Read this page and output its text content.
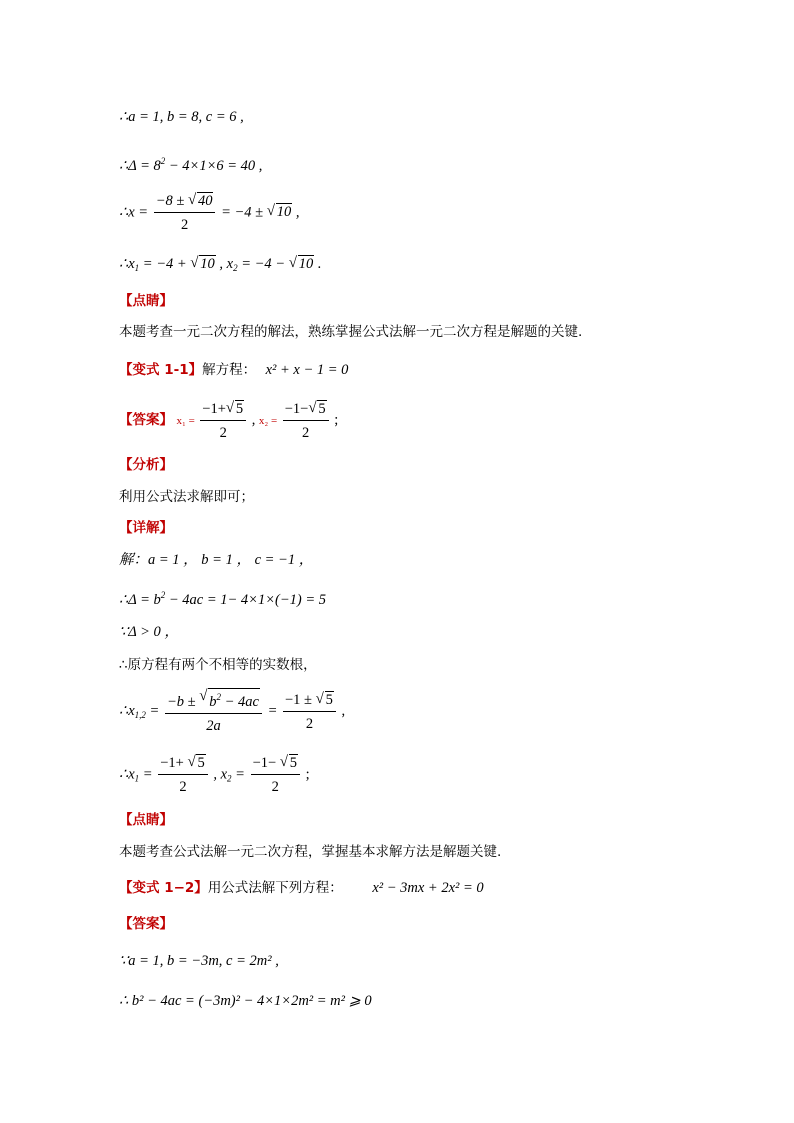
∴a = 1, b = 8, c = 6 ,
∴Δ = $8^2 - 4\times 1\times 6 = 40$ ,
∴x = $\frac{-8 \pm √ 40}{2} = -4$ ± √ 10 ,
$\therefore x_1 = -4$ + √ 10 , $x_2 = -4$ − √ 10 .
【点睛】
本题考查一元二次方程的解法，熟练掌握公式法解一元二次方程是解题的关键.
【变式 1-1】解方程： x² + x − 1 = 0
【答案】 $x_1 = \frac{-1+ √ 5}{2}$ , $x_2 = \frac{-1- √ 5}{2}$ ;
【分析】
利用公式法求解即可；
【详解】
解：a = 1 ， b = 1 ， c = −1 ，
∴Δ = $b^2 - 4ac = 1- 4\times 1\times(-1) = 5$
∵Δ > 0 ，
∴原方程有两个不相等的实数根，
$\therefore x_{1,2} = \frac{-b \pm √ b^2 - 4ac}{2a} = \frac{-1 \pm √ 5}{2}$ ,
$\therefore x_1 = \frac{-1+ √ 5}{2}$ , $x_2 = \frac{-1- √ 5}{2}$ ;
【点睛】
本题考查公式法解一元二次方程，掌握基本求解方法是解题关键.
【变式 1−2】用公式法解下列方程： x² − 3mx + 2x² = 0
【答案】
∵a = 1, b = −3m, c = 2m² ,
∴ b² − 4ac = (−3m)² − 4×1×2m² = m² ⩾ 0
